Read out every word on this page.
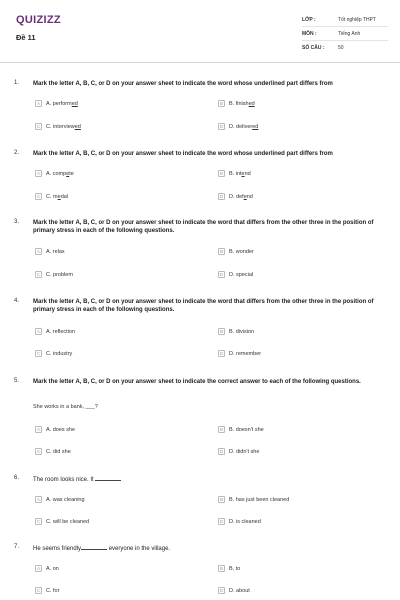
QUIZIZZ
Đề 11
LỚP :	Tốt nghiệp THPT
MÔN :	Tiếng Anh
SỐ CÂU :	50
1. Mark the letter A, B, C, or D on your answer sheet to indicate the word whose underlined part differs from
A	A. performed	B	B. finished
C	C. interviewed	D	D. delivered
2. Mark the letter A, B, C, or D on your answer sheet to indicate the word whose underlined part differs from
A	A. compete	B	B. intend
C	C. medal	D	D. defend
3. Mark the letter A, B, C, or D on your answer sheet to indicate the word that differs from the other three in the position of primary stress in each of the following questions.
A	A. relax	B	B. wonder
C	C. problem	D	D. special
4. Mark the letter A, B, C, or D on your answer sheet to indicate the word that differs from the other three in the position of primary stress in each of the following questions.
A	A. reflection	B	B. division
C	C. industry	D	D. remember
5. Mark the letter A, B, C, or D on your answer sheet to indicate the correct answer to each of the following questions.
She works in a bank, ___?
A	A. does she	B	B. doesn't she
C	C. did she	D	D. didn't she
6. The room looks nice. It
A	A. was cleaning	B	B. has just been cleaned
C	C. will be cleaned	D	D. is cleaned
7. He seems friendly	everyone in the village.
A	A. on	B	B. to
C	C. for	D	D. about
